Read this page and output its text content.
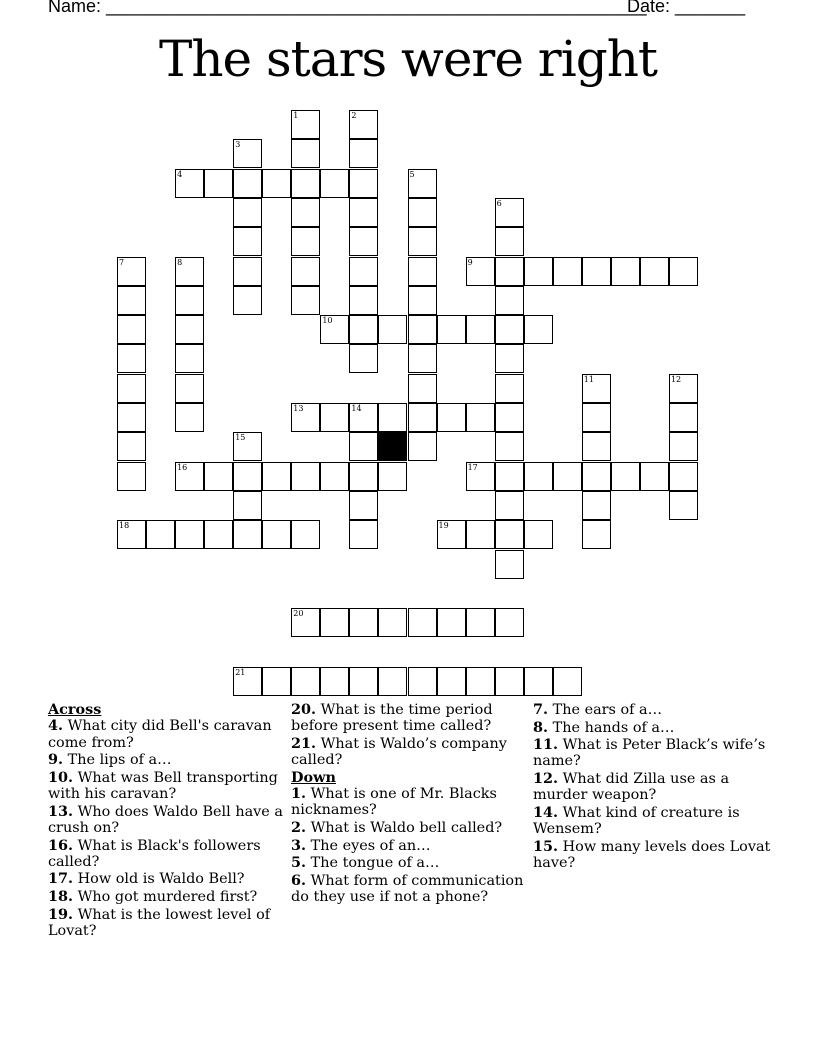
Name: ______________________________________________________
Date: _______
The stars were right
1	2
3
4	5
6
7	8	9
10
11	12
13	14
15
16	17
18	19
20
21
Across
4. What city did Bell's caravan come from?
9. The lips of a…
10. What was Bell transporting with his caravan?
13. Who does Waldo Bell have a crush on?
16. What is Black's followers called?
17. How old is Waldo Bell?
18. Who got murdered first?
19. What is the lowest level of Lovat?
20. What is the time period before present time called?
21. What is Waldo’s company called?
Down
1. What is one of Mr. Blacks nicknames?
2. What is Waldo bell called?
3. The eyes of an…
5. The tongue of a…
6. What form of communication do they use if not a phone?
7. The ears of a…
8. The hands of a…
11. What is Peter Black’s wife’s name?
12. What did Zilla use as a murder weapon?
14. What kind of creature is Wensem?
15. How many levels does Lovat have?
